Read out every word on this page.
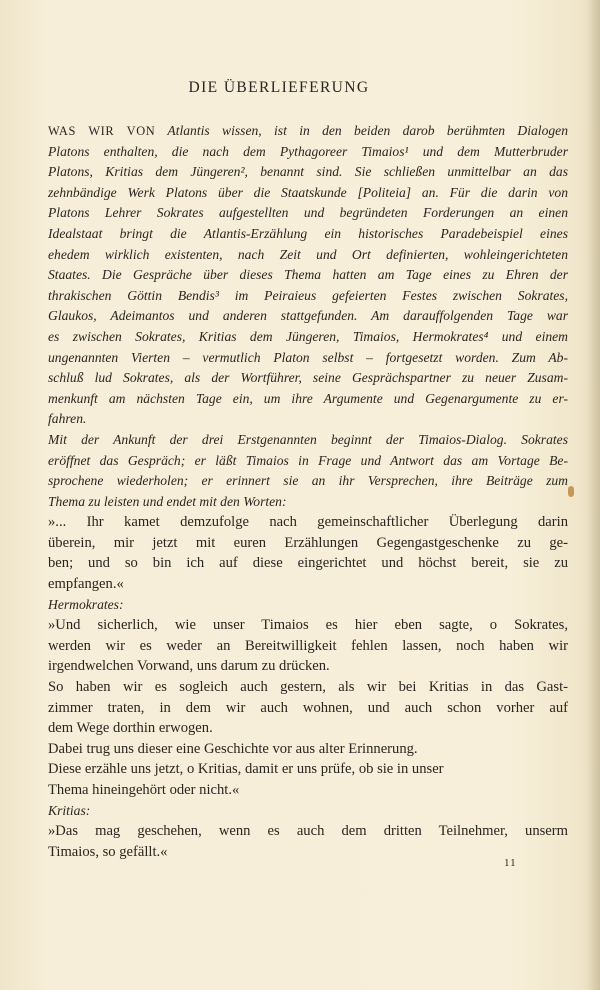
DIE ÜBERLIEFERUNG
WAS WIR VON Atlantis wissen, ist in den beiden darob berühmten Dialogen
Platons enthalten, die nach dem Pythagoreer Timaios¹ und dem Mutterbruder
Platons, Kritias dem Jüngeren², benannt sind. Sie schließen unmittelbar an das
zehnbändige Werk Platons über die Staatskunde [Politeia] an. Für die darin von
Platons Lehrer Sokrates aufgestellten und begründeten Forderungen an einen
Idealstaat bringt die Atlantis-Erzählung ein historisches Paradebeispiel eines
ehedem wirklich existenten, nach Zeit und Ort definierten, wohleingerichteten
Staates. Die Gespräche über dieses Thema hatten am Tage eines zu Ehren der
thrakischen Göttin Bendis³ im Peiraieus gefeierten Festes zwischen Sokrates,
Glaukos, Adeimantos und anderen stattgefunden. Am darauffolgenden Tage war
es zwischen Sokrates, Kritias dem Jüngeren, Timaios, Hermokrates⁴ und einem
ungenannten Vierten – vermutlich Platon selbst – fortgesetzt worden. Zum Ab-
schluß lud Sokrates, als der Wortführer, seine Gesprächspartner zu neuer Zusam-
menkunft am nächsten Tage ein, um ihre Argumente und Gegenargumente zu er-
fahren.
Mit der Ankunft der drei Erstgenannten beginnt der Timaios-Dialog. Sokrates
eröffnet das Gespräch; er läßt Timaios in Frage und Antwort das am Vortage Be-
sprochene wiederholen; er erinnert sie an ihr Versprechen, ihre Beiträge zum
Thema zu leisten und endet mit den Worten:
»... Ihr kamet demzufolge nach gemeinschaftlicher Überlegung darin
überein, mir jetzt mit euren Erzählungen Gegengastgeschenke zu ge-
ben; und so bin ich auf diese eingerichtet und höchst bereit, sie zu
empfangen.«
Hermokrates:
»Und sicherlich, wie unser Timaios es hier eben sagte, o Sokrates,
werden wir es weder an Bereitwilligkeit fehlen lassen, noch haben wir
irgendwelchen Vorwand, uns darum zu drücken.
So haben wir es sogleich auch gestern, als wir bei Kritias in das Gast-
zimmer traten, in dem wir auch wohnen, und auch schon vorher auf
dem Wege dorthin erwogen.
Dabei trug uns dieser eine Geschichte vor aus alter Erinnerung.
Diese erzähle uns jetzt, o Kritias, damit er uns prüfe, ob sie in unser
Thema hineingehört oder nicht.«
Kritias:
»Das mag geschehen, wenn es auch dem dritten Teilnehmer, unserm
Timaios, so gefällt.«
11
